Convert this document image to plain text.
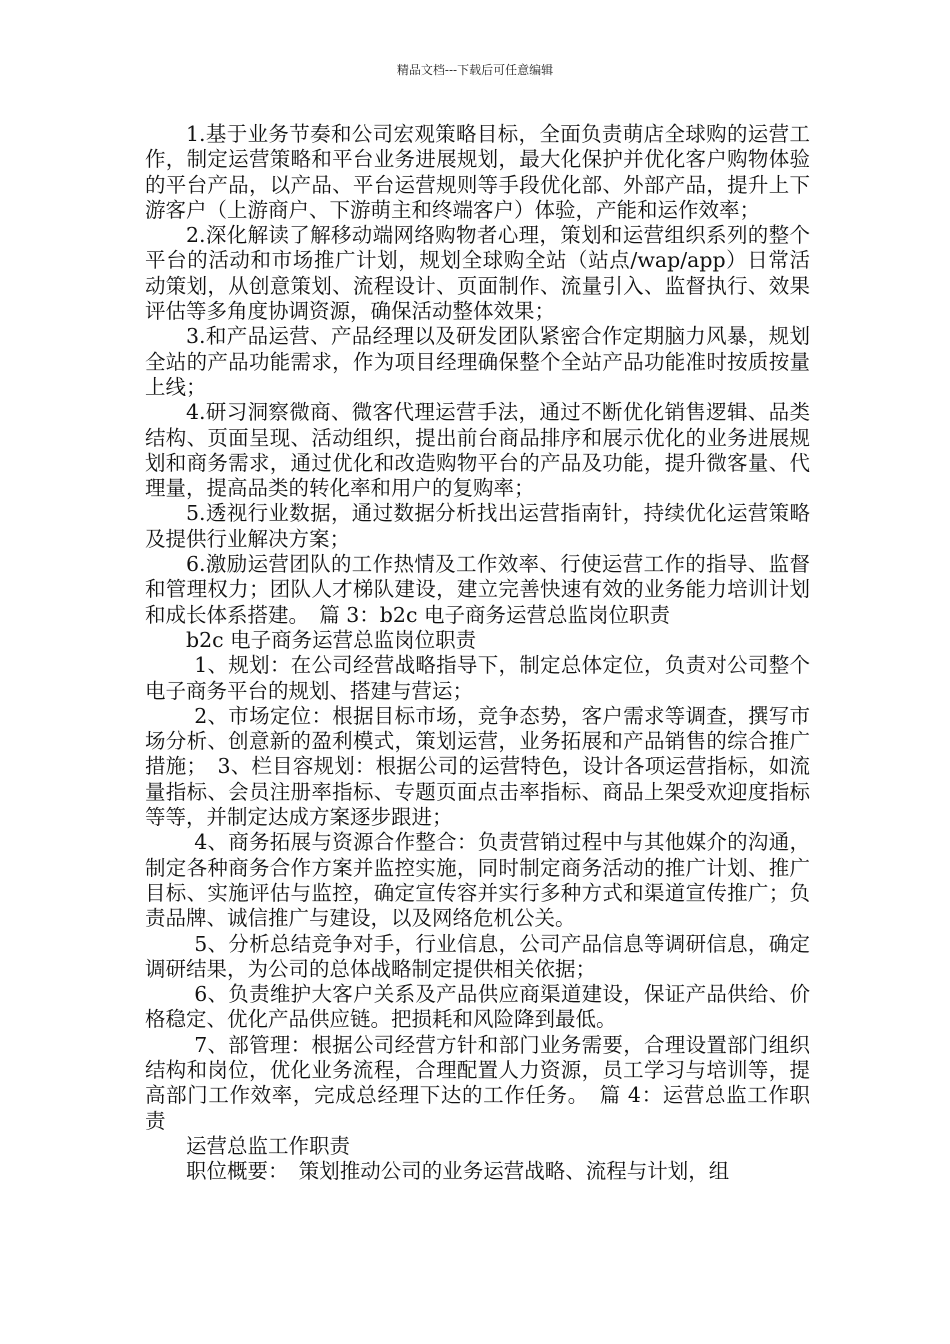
精品文档---下载后可任意编辑

1.基于业务节奏和公司宏观策略目标，全面负责萌店全球购的运营工作，制定运营策略和平台业务进展规划，最大化保护并优化客户购物体验的平台产品，以产品、平台运营规则等手段优化部、外部产品，提升上下游客户（上游商户、下游萌主和终端客户）体验，产能和运作效率；

2.深化解读了解移动端网络购物者心理，策划和运营组织系列的整个平台的活动和市场推广计划，规划全球购全站（站点/wap/app）日常活动策划，从创意策划、流程设计、页面制作、流量引入、监督执行、效果评估等多角度协调资源，确保活动整体效果；

3.和产品运营、产品经理以及研发团队紧密合作定期脑力风暴，规划全站的产品功能需求，作为项目经理确保整个全站产品功能准时按质按量上线；

4.研习洞察微商、微客代理运营手法，通过不断优化销售逻辑、品类结构、页面呈现、活动组织，提出前台商品排序和展示优化的业务进展规划和商务需求，通过优化和改造购物平台的产品及功能，提升微客量、代理量，提高品类的转化率和用户的复购率；

5.透视行业数据，通过数据分析找出运营指南针，持续优化运营策略及提供行业解决方案；

6.激励运营团队的工作热情及工作效率、行使运营工作的指导、监督和管理权力；团队人才梯队建设，建立完善快速有效的业务能力培训计划和成长体系搭建。　篇 3：b2c 电子商务运营总监岗位职责

b2c 电子商务运营总监岗位职责

1、规划：在公司经营战略指导下，制定总体定位，负责对公司整个电子商务平台的规划、搭建与营运；

2、市场定位：根据目标市场，竞争态势，客户需求等调查，撰写市场分析、创意新的盈利模式，策划运营，业务拓展和产品销售的综合推广措施；　3、栏目容规划：根据公司的运营特色，设计各项运营指标，如流量指标、会员注册率指标、专题页面点击率指标、商品上架受欢迎度指标等等，并制定达成方案逐步跟进；

4、商务拓展与资源合作整合：负责营销过程中与其他媒介的沟通，制定各种商务合作方案并监控实施，同时制定商务活动的推广计划、推广目标、实施评估与监控，确定宣传容并实行多种方式和渠道宣传推广；负责品牌、诚信推广与建设，以及网络危机公关。

5、分析总结竞争对手，行业信息，公司产品信息等调研信息，确定调研结果，为公司的总体战略制定提供相关依据；

6、负责维护大客户关系及产品供应商渠道建设，保证产品供给、价格稳定、优化产品供应链。把损耗和风险降到最低。

7、部管理：根据公司经营方针和部门业务需要，合理设置部门组织结构和岗位，优化业务流程，合理配置人力资源，员工学习与培训等，提高部门工作效率，完成总经理下达的工作任务。　篇 4：运营总监工作职责

运营总监工作职责

职位概要：　策划推动公司的业务运营战略、流程与计划，组
